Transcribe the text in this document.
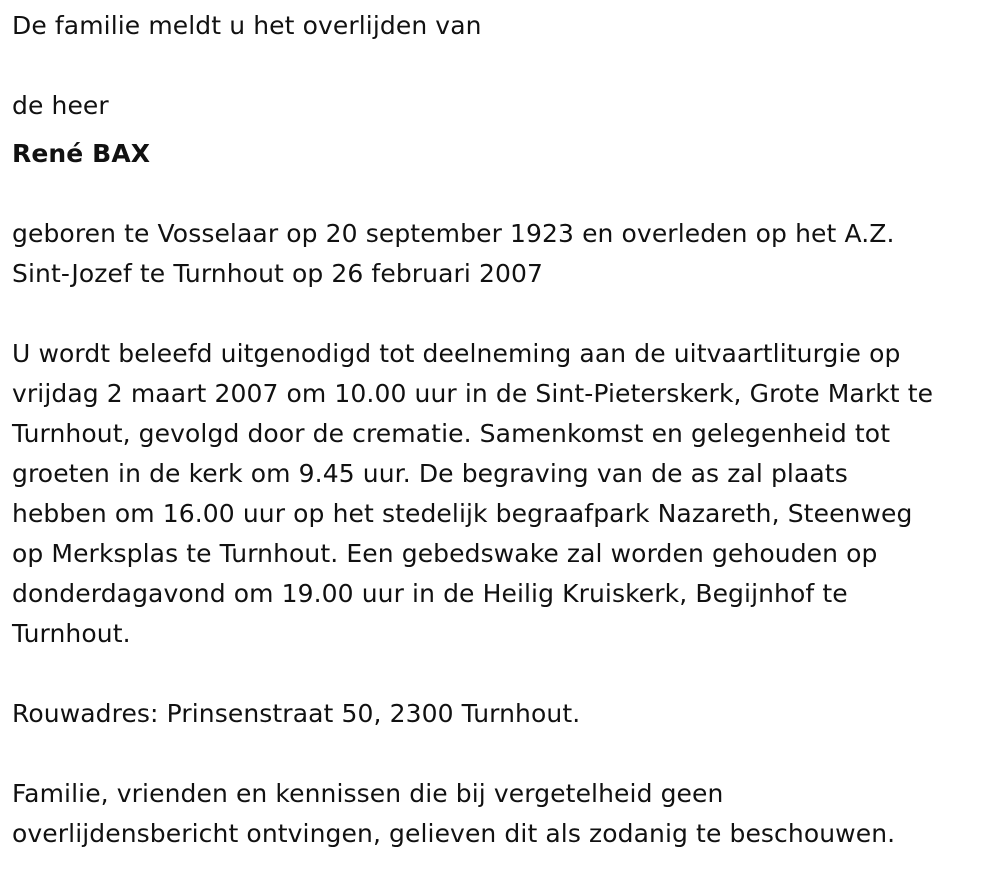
De familie meldt u het overlijden van
de heer
René BAX
geboren te Vosselaar op 20 september 1923 en overleden op het A.Z.
Sint-Jozef te Turnhout op 26 februari 2007
U wordt beleefd uitgenodigd tot deelneming aan de uitvaartliturgie op
vrijdag 2 maart 2007 om 10.00 uur in de Sint-Pieterskerk, Grote Markt te
Turnhout, gevolgd door de crematie. Samenkomst en gelegenheid tot
groeten in de kerk om 9.45 uur. De begraving van de as zal plaats
hebben om 16.00 uur op het stedelijk begraafpark Nazareth, Steenweg
op Merksplas te Turnhout. Een gebedswake zal worden gehouden op
donderdagavond om 19.00 uur in de Heilig Kruiskerk, Begijnhof te
Turnhout.
Rouwadres: Prinsenstraat 50, 2300 Turnhout.
Familie, vrienden en kennissen die bij vergetelheid geen
overlijdensbericht ontvingen, gelieven dit als zodanig te beschouwen.
